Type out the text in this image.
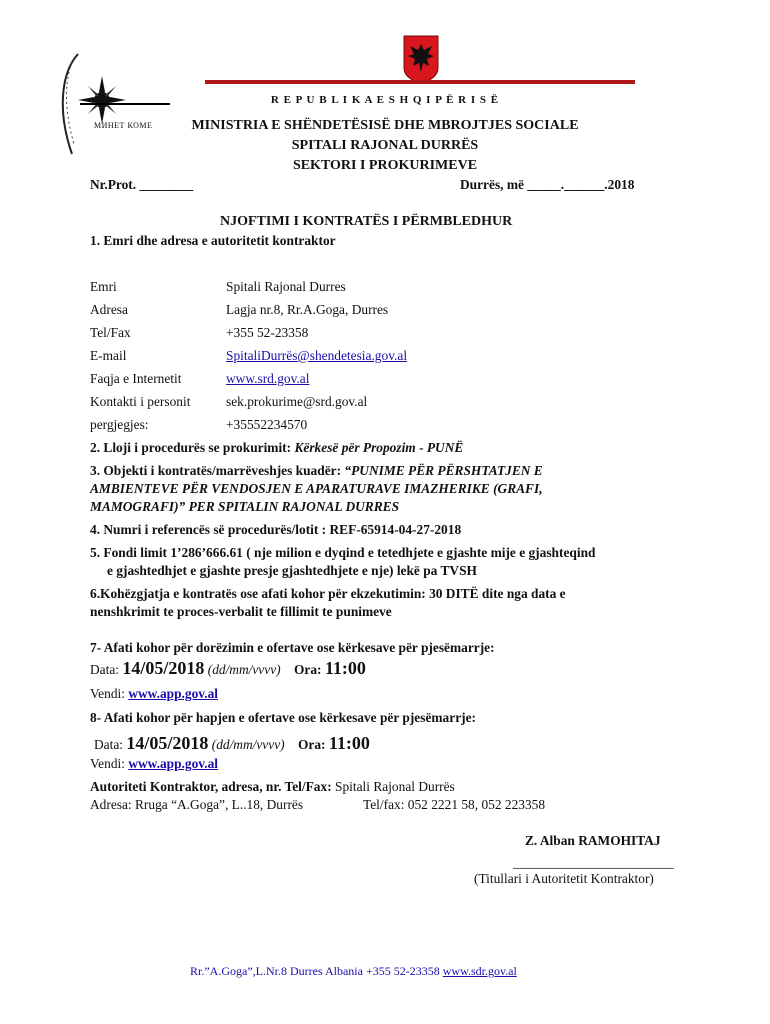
МИНЕТ КОМЕ
R E P U B L I K A E S H Q I P Ë R I S Ë
MINISTRIA E SHËNDETËSISË DHE MBROJTJES SOCIALE
SPITALI RAJONAL DURRËS
SEKTORI I PROKURIMEVE
Nr.Prot. ________	Durrës, më _____.______.2018
NJOFTIMI I KONTRATËS I PËRMBLEDHUR
1. Emri dhe adresa e autoritetit kontraktor
Emri	Spitali Rajonal Durres
Adresa	Lagja nr.8, Rr.A.Goga, Durres
Tel/Fax	+355 52-23358
E-mail	SpitaliDurrës@shendetesia.gov.al
Faqja e Internetit	www.srd.gov.al
Kontakti i personit	sek.prokurime@srd.gov.al
pergjegjes:	+35552234570
2. Lloji i procedurës se prokurimit: Kërkesë për Propozim - PUNË
3. Objekti i kontratës/marrëveshjes kuadër: “PUNIME PËR PËRSHTATJEN E
AMBIENTEVE PËR VENDOSJEN E APARATURAVE IMAZHERIKE (GRAFI,
MAMOGRAFI)” PER SPITALIN RAJONAL DURRES
4. Numri i referencës së procedurës/lotit : REF-65914-04-27-2018
5. Fondi limit 1’286’666.61 ( nje milion e dyqind e tetedhjete e gjashte mije e gjashteqind
e gjashtedhjet e gjashte presje gjashtedhjete e nje) lekë pa TVSH
6.Kohëzgjatja e kontratës ose afati kohor për ekzekutimin: 30 DITË dite nga data e
nenshkrimit te proces-verbalit te fillimit te punimeve
7- Afati kohor për dorëzimin e ofertave ose kërkesave për pjesëmarrje:
Data: 14/05/2018 (dd/mm/vvvv) Ora: 11:00
Vendi: www.app.gov.al
8- Afati kohor për hapjen e ofertave ose kërkesave për pjesëmarrje:
Data: 14/05/2018 (dd/mm/vvvv) Ora: 11:00
Vendi: www.app.gov.al
Autoriteti Kontraktor, adresa, nr. Tel/Fax: Spitali Rajonal Durrës
Adresa: Rruga “A.Goga”, L..18, Durrës	Tel/fax: 052 2221 58, 052 223358
Z. Alban RAMOHITAJ
________________________
(Titullari i Autoritetit Kontraktor)
Rr.”A.Goga”,L.Nr.8 Durres Albania +355 52-23358 www.sdr.gov.al
